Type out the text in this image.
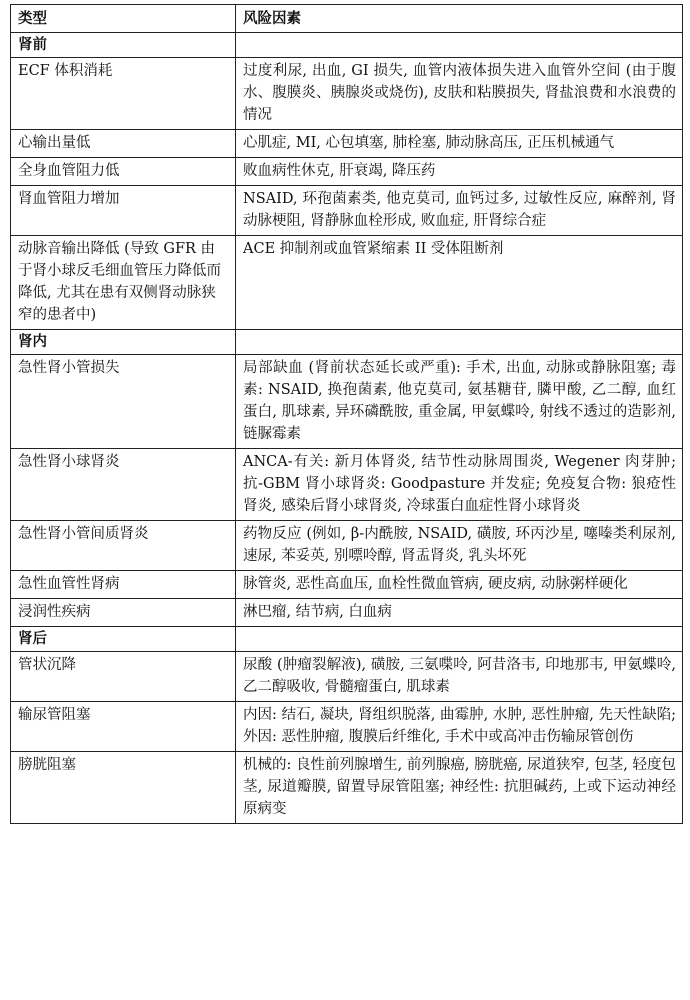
类型	风险因素
肾前	
ECF 体积消耗	过度利尿, 出血, GI 损失, 血管内液体损失进入血管外空间 (由于腹水、腹膜炎、胰腺炎或烧伤), 皮肤和粘膜损失, 肾盐浪费和水浪费的情况
心输出量低	心肌症, MI, 心包填塞, 肺栓塞, 肺动脉高压, 正压机械通气
全身血管阻力低	败血病性休克, 肝衰竭, 降压药
肾血管阻力增加	NSAID, 环孢菌素类, 他克莫司, 血钙过多, 过敏性反应, 麻醉剂, 肾动脉梗阻, 肾静脉血栓形成, 败血症, 肝肾综合症
动脉音输出降低 (导致 GFR 由于肾小球反毛细血管压力降低而降低, 尤其在患有双侧肾动脉狭窄的患者中)	ACE 抑制剂或血管紧缩素 II 受体阻断剂
肾内	
急性肾小管损失	局部缺血 (肾前状态延长或严重): 手术, 出血, 动脉或静脉阻塞; 毒素: NSAID, 换孢菌素, 他克莫司, 氨基糖苷, 膦甲酸, 乙二醇, 血红蛋白, 肌球素, 异环磷酰胺, 重金属, 甲氨蝶呤, 射线不透过的造影剂, 链脲霉素
急性肾小球肾炎	ANCA-有关: 新月体肾炎, 结节性动脉周围炎, Wegener 肉芽肿; 抗-GBM 肾小球肾炎: Goodpasture 并发症; 免疫复合物: 狼疮性肾炎, 感染后肾小球肾炎, 冷球蛋白血症性肾小球肾炎
急性肾小管间质肾炎	药物反应 (例如, β-内酰胺, NSAID, 磺胺, 环丙沙星, 噻嗪类利尿剂, 速尿, 苯妥英, 别嘌呤醇, 肾盂肾炎, 乳头坏死
急性血管性肾病	脉管炎, 恶性高血压, 血栓性微血管病, 硬皮病, 动脉粥样硬化
浸润性疾病	淋巴瘤, 结节病, 白血病
肾后	
管状沉降	尿酸 (肿瘤裂解液), 磺胺, 三氨喋呤, 阿昔洛韦, 印地那韦, 甲氨蝶呤, 乙二醇吸收, 骨髓瘤蛋白, 肌球素
输尿管阻塞	内因: 结石, 凝块, 肾组织脱落, 曲霉肿, 水肿, 恶性肿瘤, 先天性缺陷; 外因: 恶性肿瘤, 腹膜后纤维化, 手术中或高冲击伤输尿管创伤
膀胱阻塞	机械的: 良性前列腺增生, 前列腺癌, 膀胱癌, 尿道狭窄, 包茎, 轻度包茎, 尿道瓣膜, 留置导尿管阻塞; 神经性: 抗胆碱药, 上或下运动神经原病变
